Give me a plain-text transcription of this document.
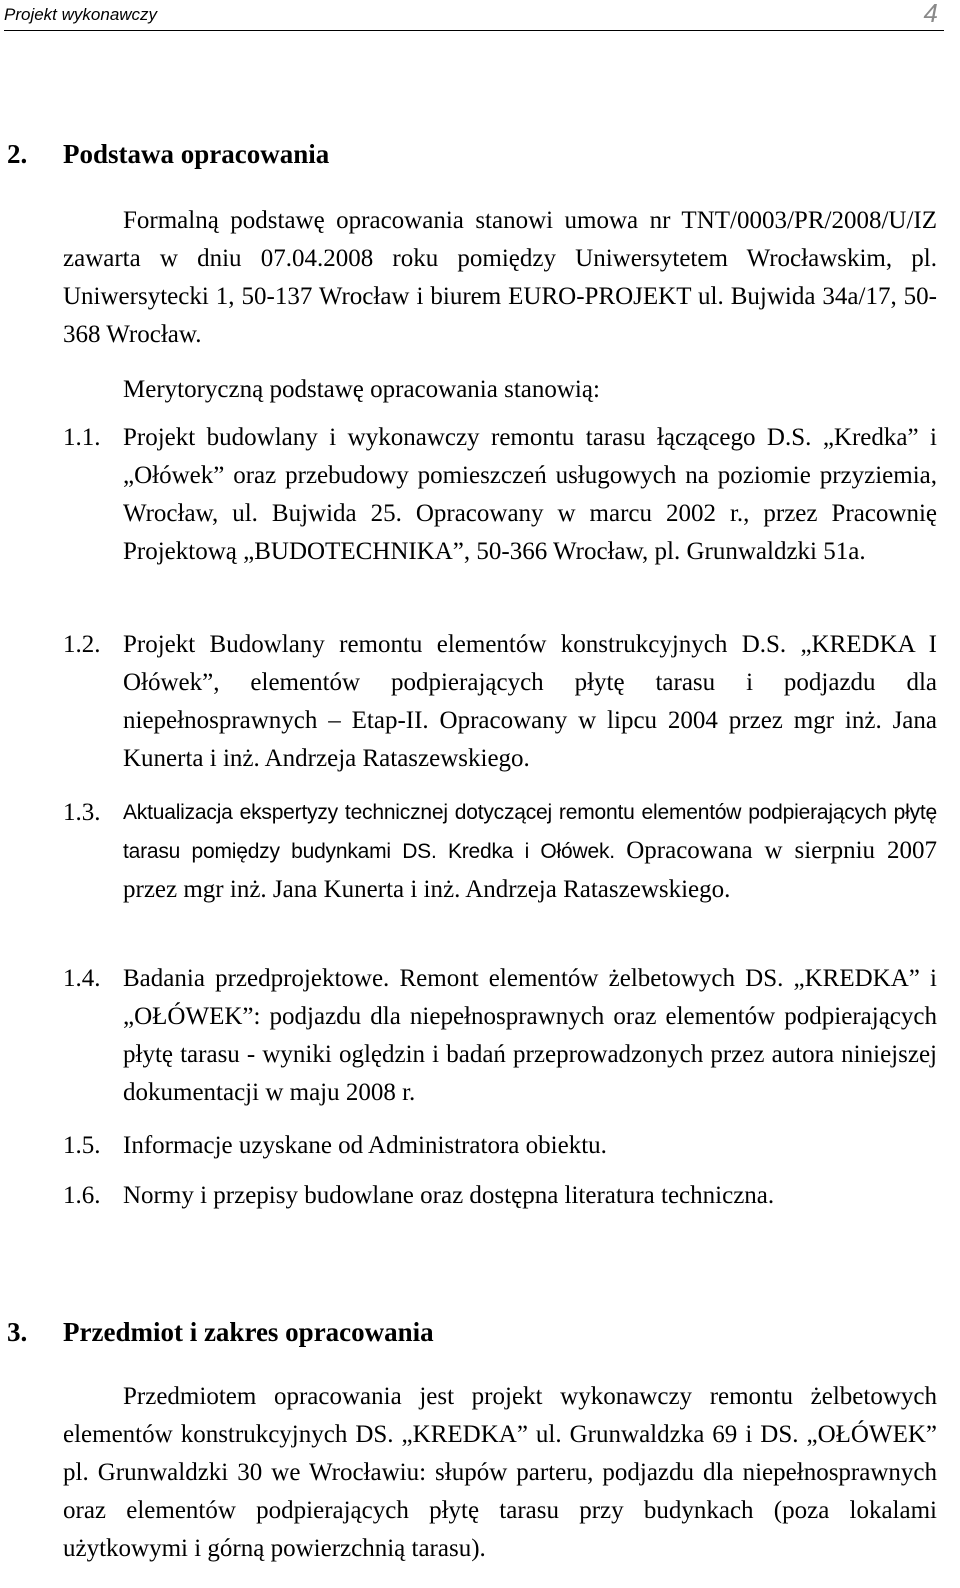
Projekt wykonawczy	4
2.	Podstawa opracowania
Formalną podstawę opracowania stanowi umowa nr TNT/0003/PR/2008/U/IZ zawarta w dniu 07.04.2008 roku pomiędzy Uniwersytetem Wrocławskim, pl. Uniwersytecki 1, 50-137 Wrocław i biurem EURO-PROJEKT ul. Bujwida 34a/17, 50-368 Wrocław.
Merytoryczną podstawę opracowania stanowią:
1.1. Projekt budowlany i wykonawczy remontu tarasu łączącego D.S. „Kredka” i „Ołówek” oraz przebudowy pomieszczeń usługowych na poziomie przyziemia, Wrocław, ul. Bujwida 25. Opracowany w marcu 2002 r., przez Pracownię Projektową „BUDOTECHNIKA”, 50-366 Wrocław, pl. Grunwaldzki 51a.
1.2. Projekt Budowlany remontu elementów konstrukcyjnych D.S. „KREDKA I Ołówek”, elementów podpierających płytę tarasu i podjazdu dla niepełnosprawnych – Etap-II. Opracowany w lipcu 2004 przez mgr inż. Jana Kunerta i inż. Andrzeja Rataszewskiego.
1.3. Aktualizacja ekspertyzy technicznej dotyczącej remontu elementów podpierających płytę tarasu pomiędzy budynkami DS. Kredka i Ołówek. Opracowana w sierpniu 2007 przez mgr inż. Jana Kunerta i inż. Andrzeja Rataszewskiego.
1.4. Badania przedprojektowe. Remont elementów żelbetowych DS. „KREDKA” i „OŁÓWEK”: podjazdu dla niepełnosprawnych oraz elementów podpierających płytę tarasu - wyniki oględzin i badań przeprowadzonych przez autora niniejszej dokumentacji w maju 2008 r.
1.5. Informacje uzyskane od Administratora obiektu.
1.6. Normy i przepisy budowlane oraz dostępna literatura techniczna.
3.	Przedmiot i zakres opracowania
Przedmiotem opracowania jest projekt wykonawczy remontu żelbetowych elementów konstrukcyjnych DS. „KREDKA” ul. Grunwaldzka 69 i DS. „OŁÓWEK” pl. Grunwaldzki 30 we Wrocławiu: słupów parteru, podjazdu dla niepełnosprawnych oraz elementów podpierających płytę tarasu przy budynkach (poza lokalami użytkowymi i górną powierzchnią tarasu).
